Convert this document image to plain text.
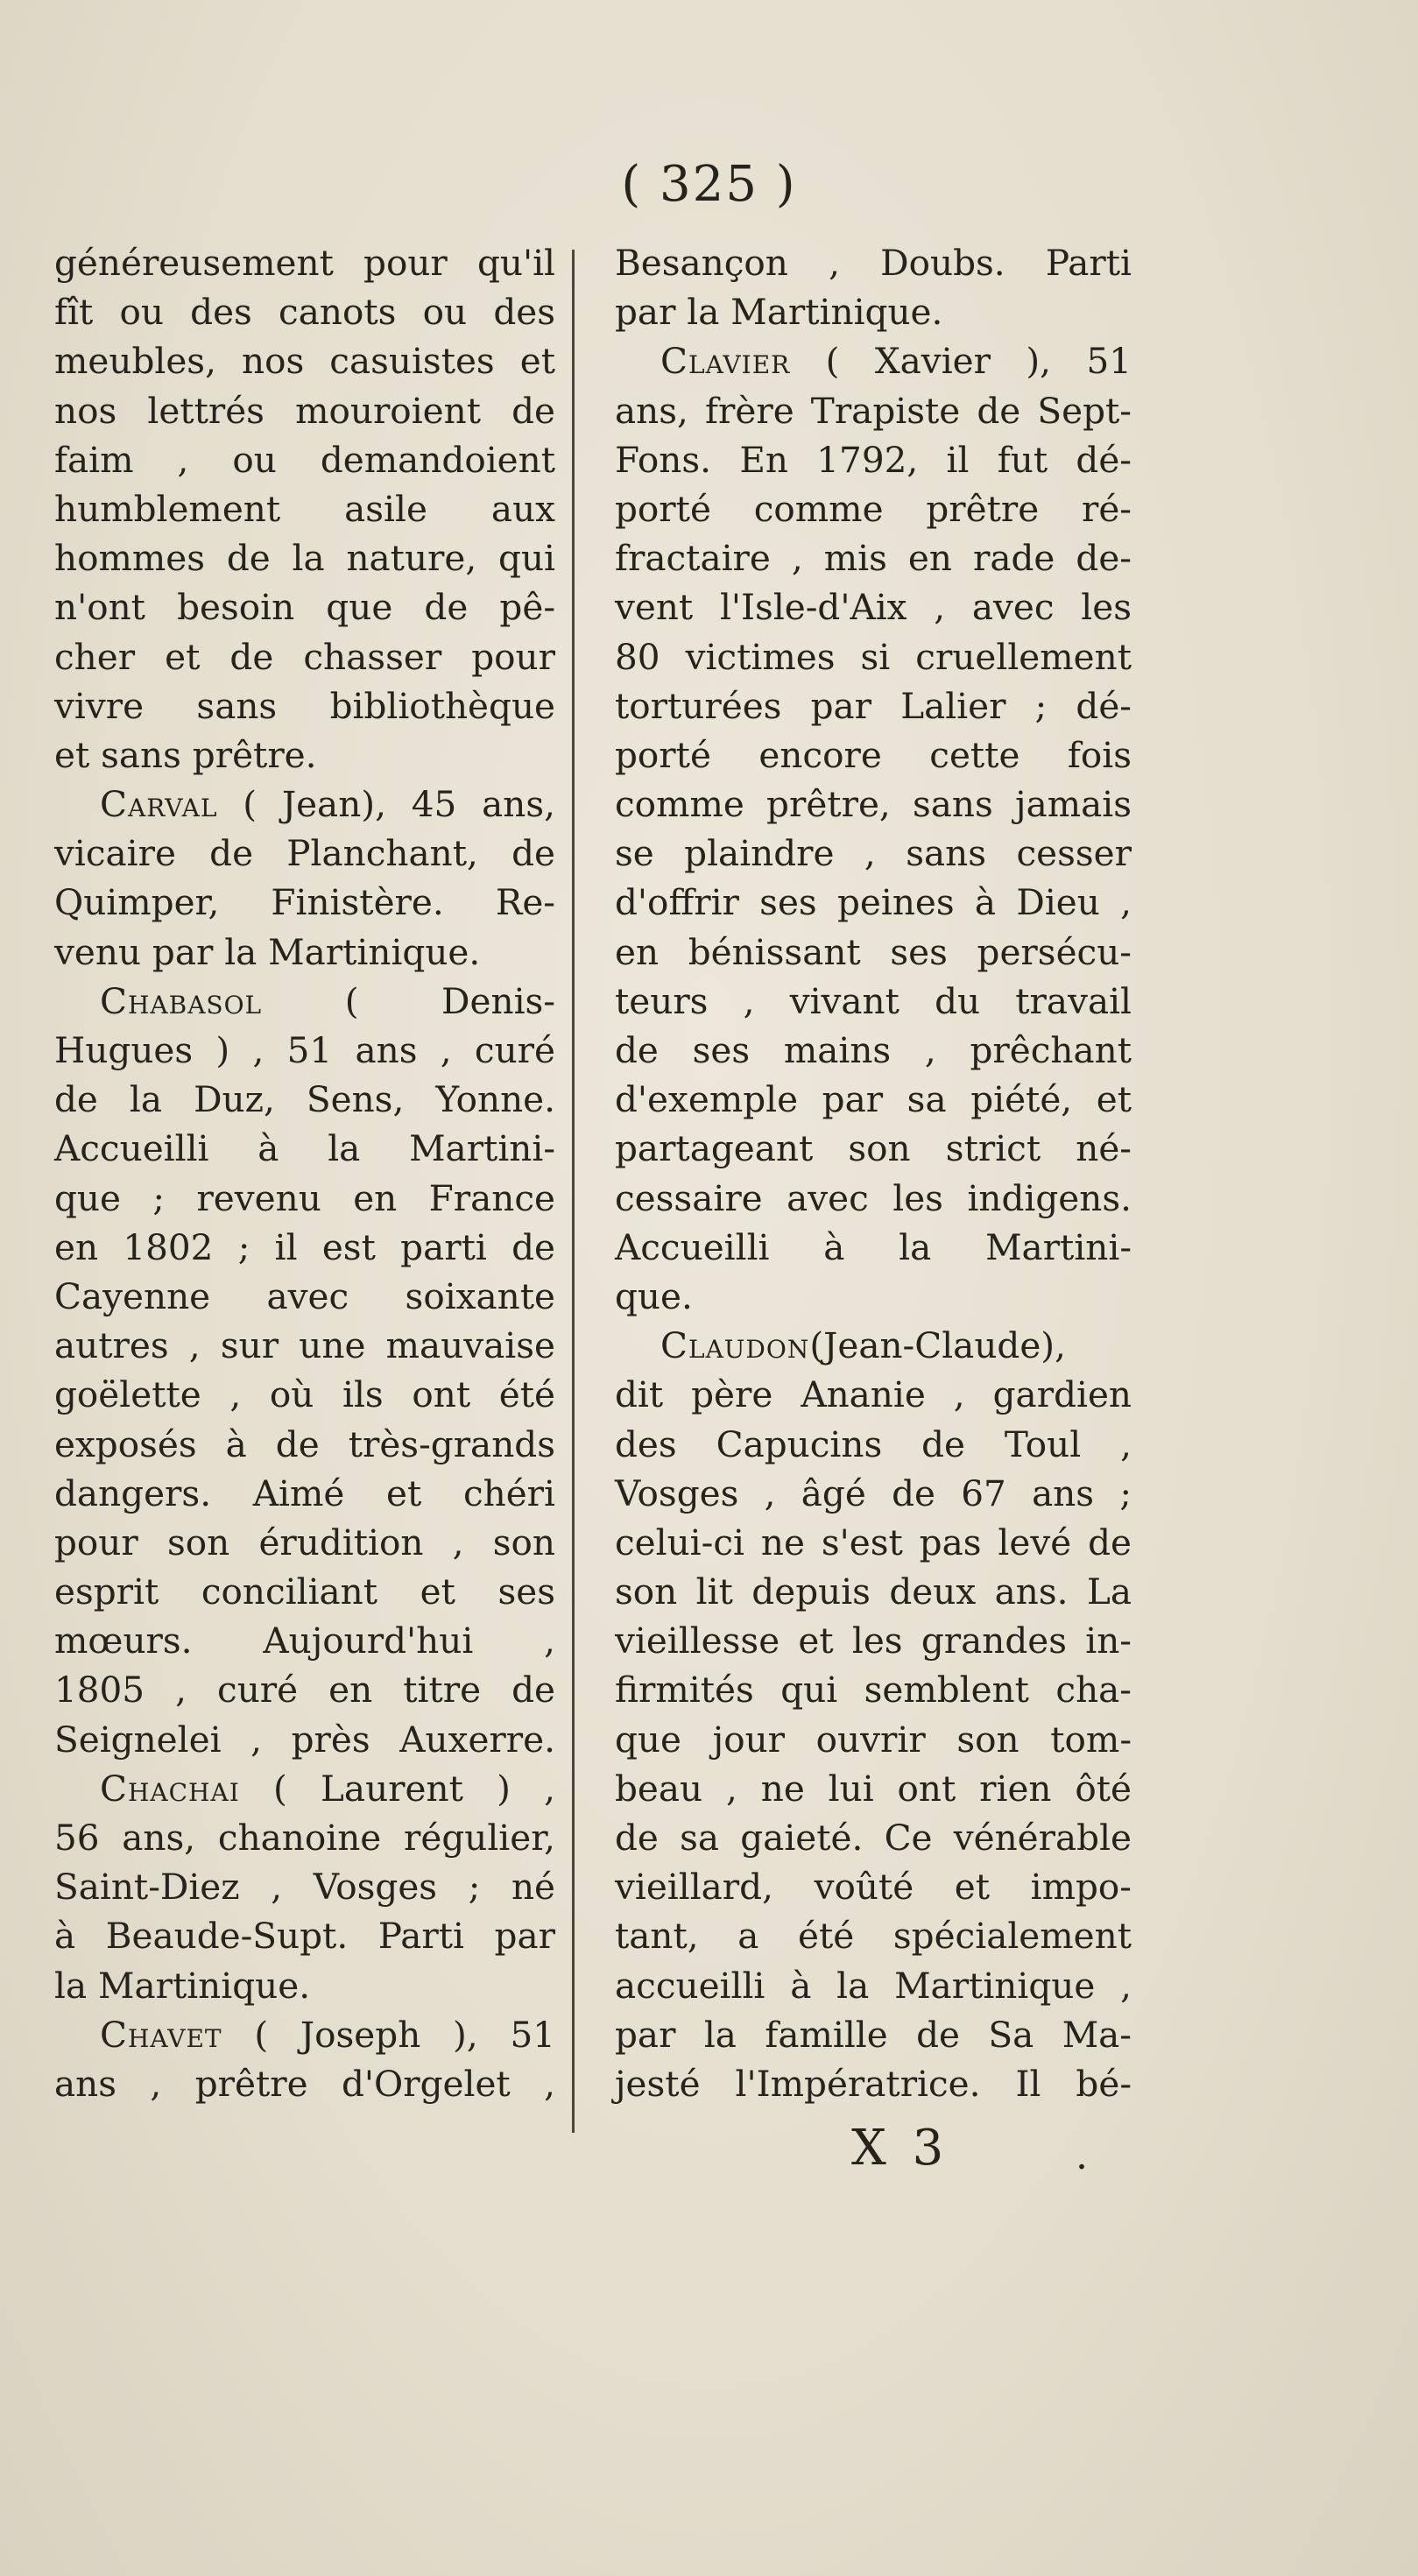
( 325 )
généreusement pour qu'il
fît ou des canots ou des
meubles, nos casuistes et
nos lettrés mouroient de
faim , ou demandoient
humblement asile aux
hommes de la nature, qui
n'ont besoin que de pê-
cher et de chasser pour
vivre sans bibliothèque
et sans prêtre.
Carval ( Jean), 45 ans,
vicaire de Planchant, de
Quimper, Finistère. Re-
venu par la Martinique.
Chabasol ( Denis-
Hugues ) , 51 ans , curé
de la Duz, Sens, Yonne.
Accueilli à la Martini-
que ; revenu en France
en 1802 ; il est parti de
Cayenne avec soixante
autres , sur une mauvaise
goëlette , où ils ont été
exposés à de très-grands
dangers. Aimé et chéri
pour son érudition , son
esprit conciliant et ses
mœurs. Aujourd'hui ,
1805 , curé en titre de
Seignelei , près Auxerre.
Chachai ( Laurent ) ,
56 ans, chanoine régulier,
Saint-Diez , Vosges ; né
à Beaude-Supt. Parti par
la Martinique.
Chavet ( Joseph ), 51
ans , prêtre d'Orgelet ,
Besançon , Doubs. Parti
par la Martinique.
Clavier ( Xavier ), 51
ans, frère Trapiste de Sept-
Fons. En 1792, il fut dé-
porté comme prêtre ré-
fractaire , mis en rade de-
vent l'Isle-d'Aix , avec les
80 victimes si cruellement
torturées par Lalier ; dé-
porté encore cette fois
comme prêtre, sans jamais
se plaindre , sans cesser
d'offrir ses peines à Dieu ,
en bénissant ses persécu-
teurs , vivant du travail
de ses mains , prêchant
d'exemple par sa piété, et
partageant son strict né-
cessaire avec les indigens.
Accueilli à la Martini-
que.
Claudon(Jean-Claude),
dit père Ananie , gardien
des Capucins de Toul ,
Vosges , âgé de 67 ans ;
celui-ci ne s'est pas levé de
son lit depuis deux ans. La
vieillesse et les grandes in-
firmités qui semblent cha-
que jour ouvrir son tom-
beau , ne lui ont rien ôté
de sa gaieté. Ce vénérable
vieillard, voûté et impo-
tant, a été spécialement
accueilli à la Martinique ,
par la famille de Sa Ma-
jesté l'Impératrice. Il bé-
X 3	.
